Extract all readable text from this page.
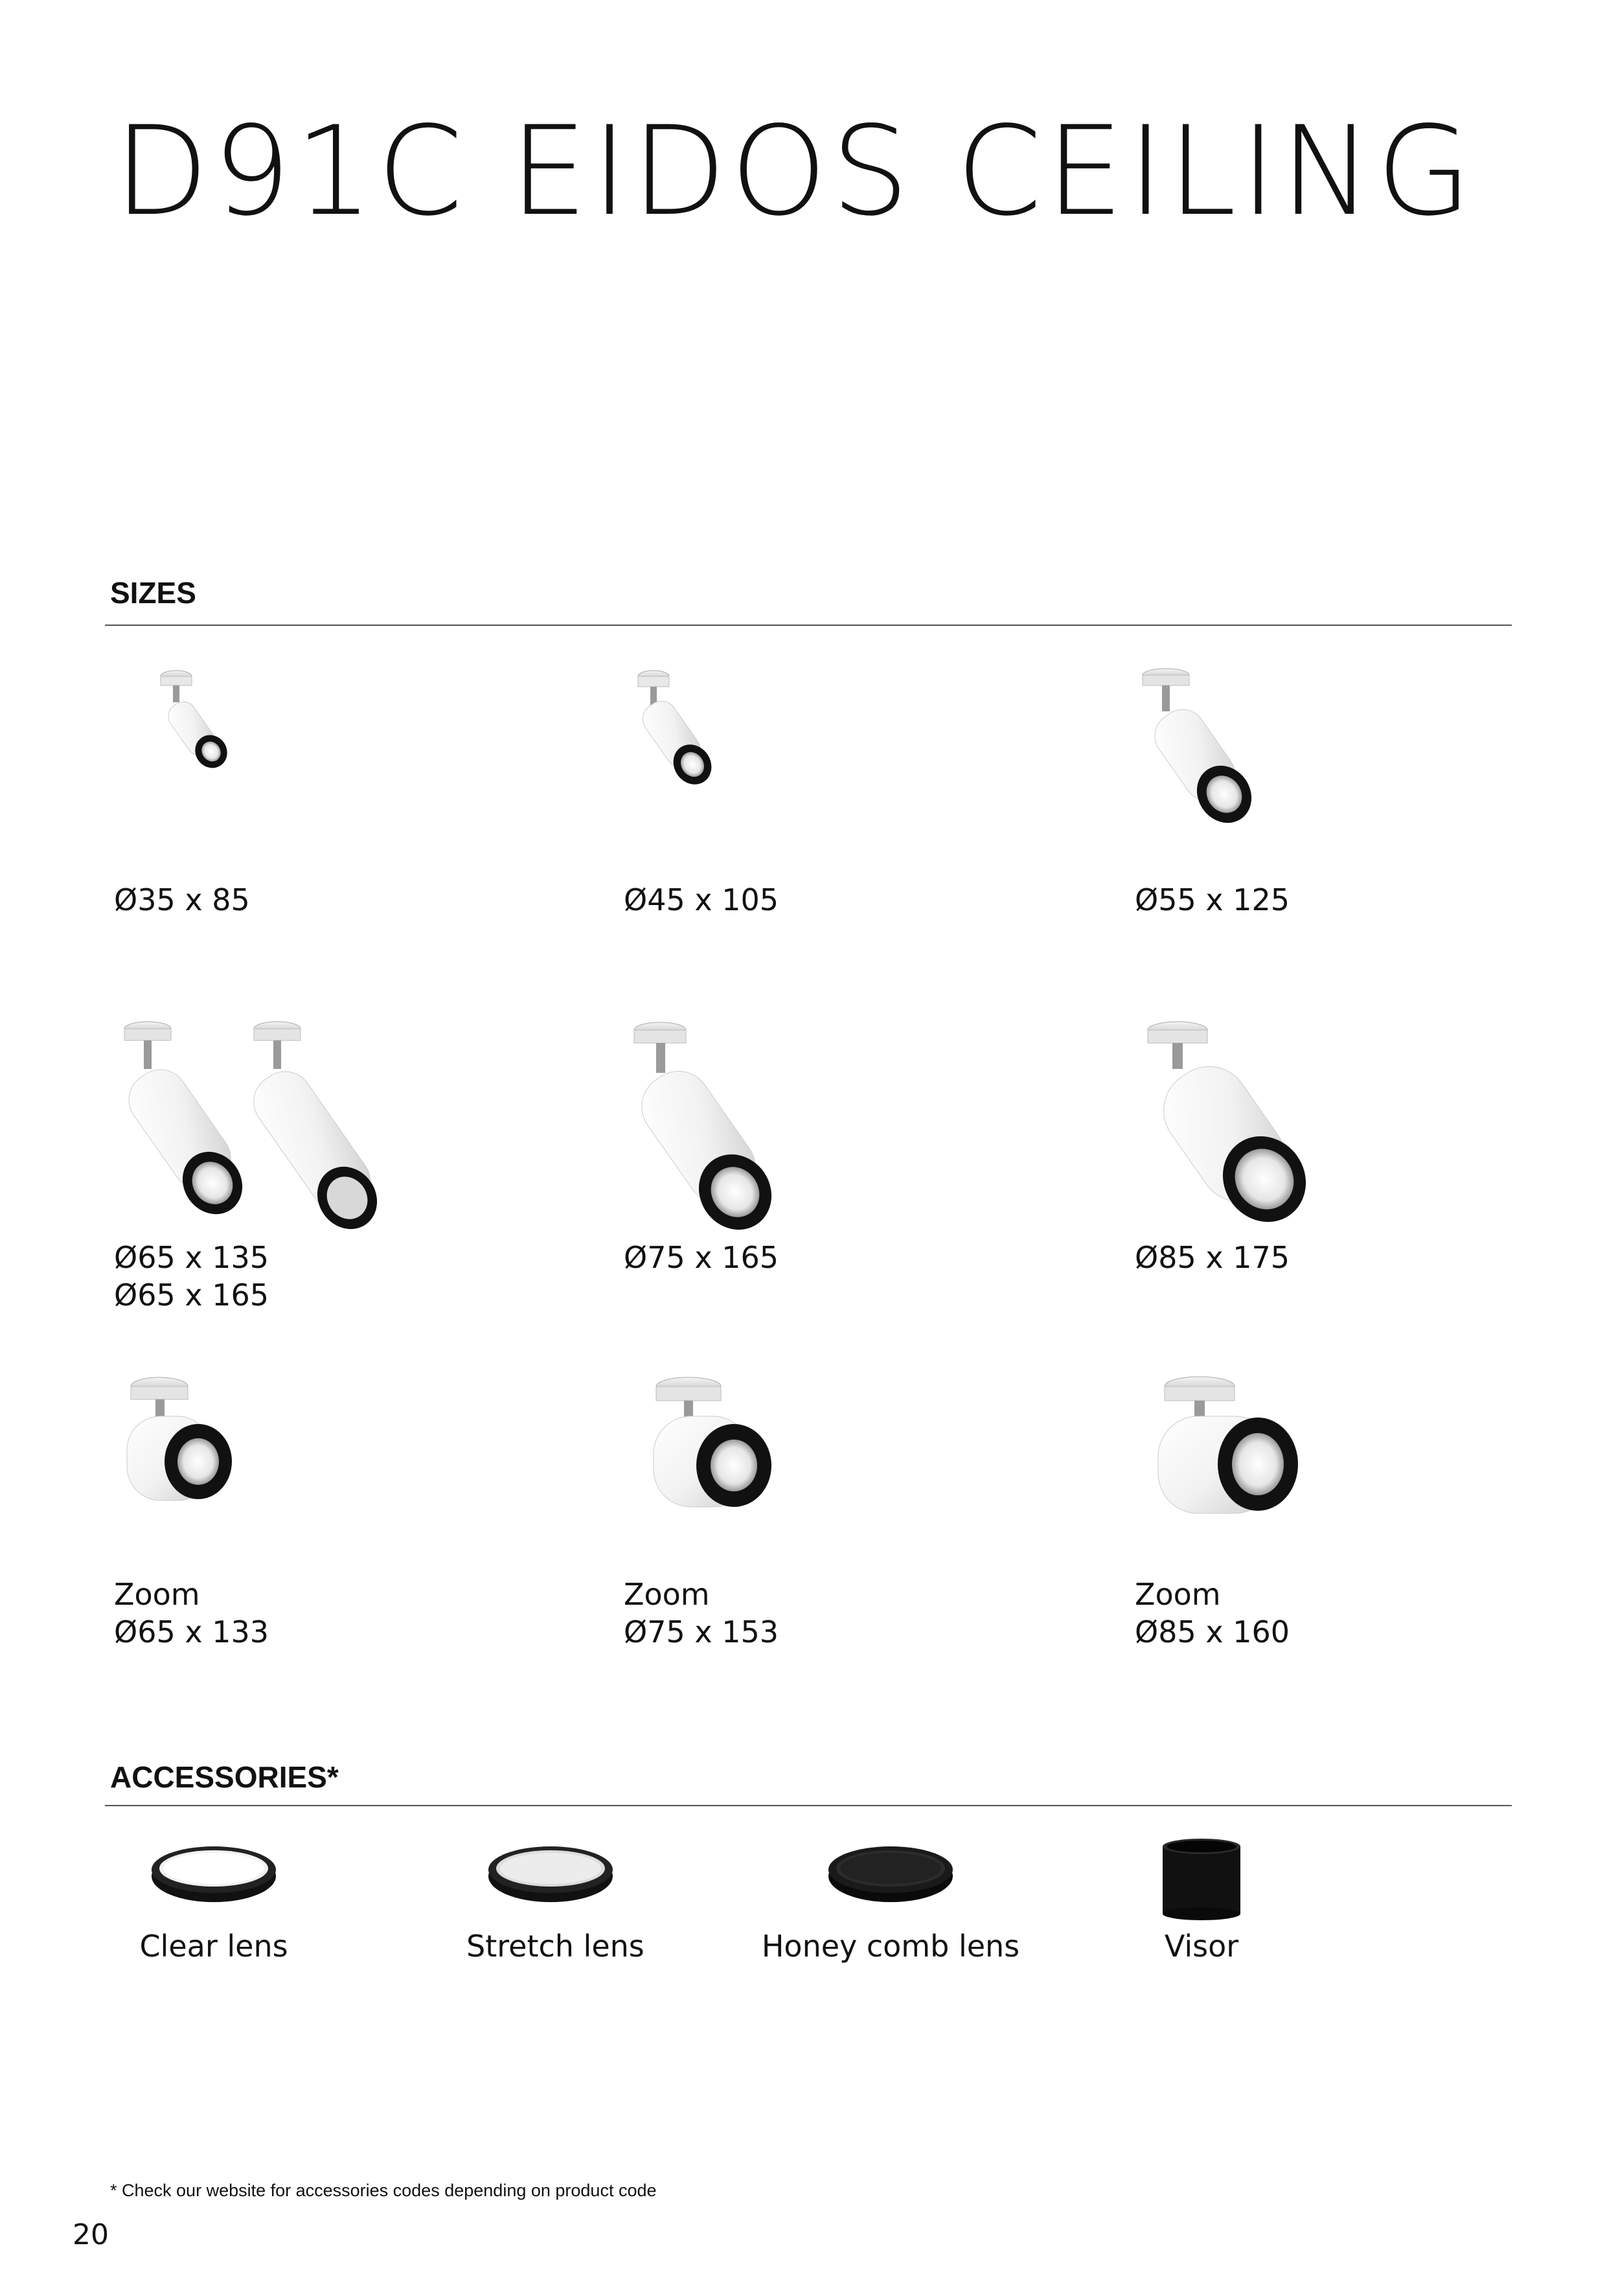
D91C EIDOS CEILING
SIZES
Ø35 x 85	Ø45 x 105	Ø55 x 125
Ø65 x 135
Ø65 x 165
Ø75 x 165	Ø85 x 175
Zoom
Ø65 x 133
Zoom
Ø75 x 153
Zoom
Ø85 x 160
ACCESSORIES*
Clear lens	Stretch lens	Honey comb lens	Visor
* Check our website for accessories codes depending on product code
20
